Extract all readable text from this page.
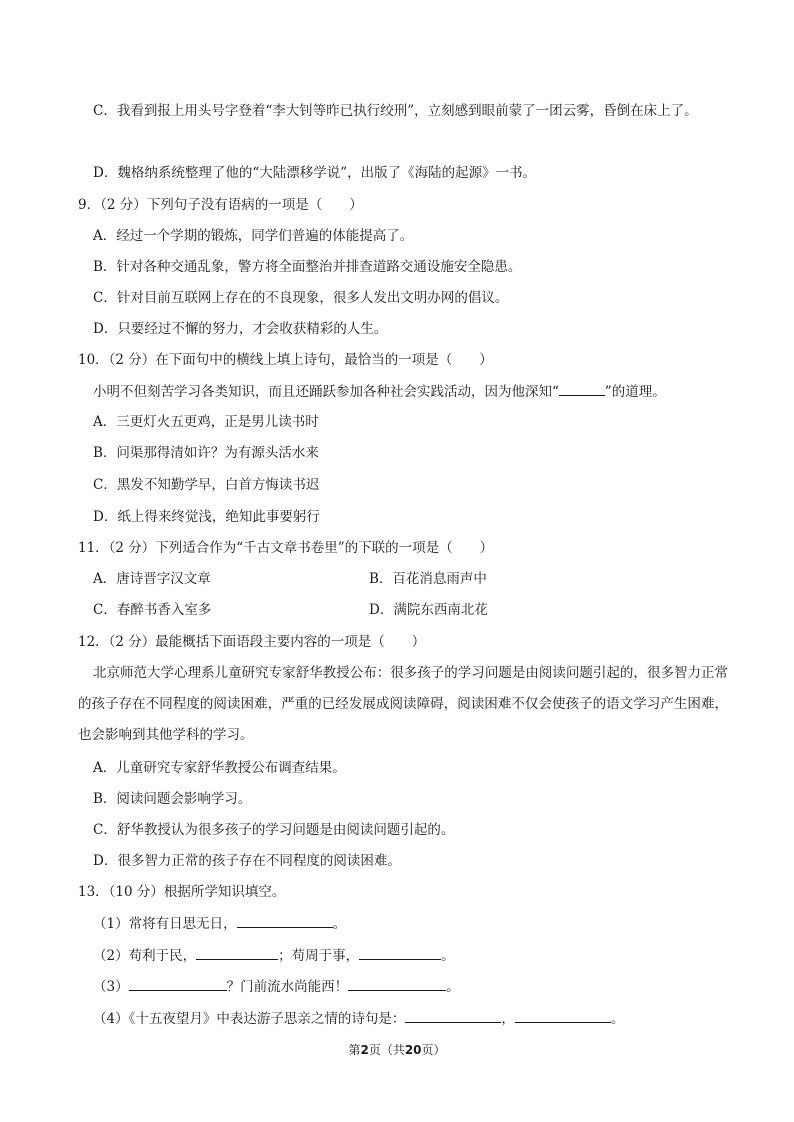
C．我看到报上用头号字登着“李大钊等昨已执行绞刑”，立刻感到眼前蒙了一团云雾，昏倒在床上了。
D．魏格纳系统整理了他的“大陆漂移学说”，出版了《海陆的起源》一书。
9．（2 分）下列句子没有语病的一项是（　　）
A．经过一个学期的锻炼，同学们普遍的体能提高了。
B．针对各种交通乱象，警方将全面整治并排查道路交通设施安全隐患。
C．针对目前互联网上存在的不良现象，很多人发出文明办网的倡议。
D．只要经过不懈的努力，才会收获精彩的人生。
10．（2 分）在下面句中的横线上填上诗句，最恰当的一项是（　　）
小明不但刻苦学习各类知识，而且还踊跃参加各种社会实践活动，因为他深知“	”的道理。
A．三更灯火五更鸡，正是男儿读书时
B．问渠那得清如许？为有源头活水来
C．黑发不知勤学早，白首方悔读书迟
D．纸上得来终觉浅，绝知此事要躬行
11．（2 分）下列适合作为“千古文章书卷里”的下联的一项是（　　）
A．唐诗晋字汉文章	B．百花消息雨声中
C．春醉书香入室多	D．满院东西南北花
12．（2 分）最能概括下面语段主要内容的一项是（　　）
北京师范大学心理系儿童研究专家舒华教授公布：很多孩子的学习问题是由阅读问题引起的，很多智力正常的孩子存在不同程度的阅读困难，严重的已经发展成阅读障碍，阅读困难不仅会使孩子的语文学习产生困难，也会影响到其他学科的学习。
A．儿童研究专家舒华教授公布调查结果。
B．阅读问题会影响学习。
C．舒华教授认为很多孩子的学习问题是由阅读问题引起的。
D．很多智力正常的孩子存在不同程度的阅读困难。
13．（10 分）根据所学知识填空。
（1）常将有日思无日，	。
（2）苟利于民，	；苟周于事，	。
（3）	？门前流水尚能西！	。
（4）《十五夜望月》中表达游子思亲之情的诗句是：	，	。
第2页（共20页）
